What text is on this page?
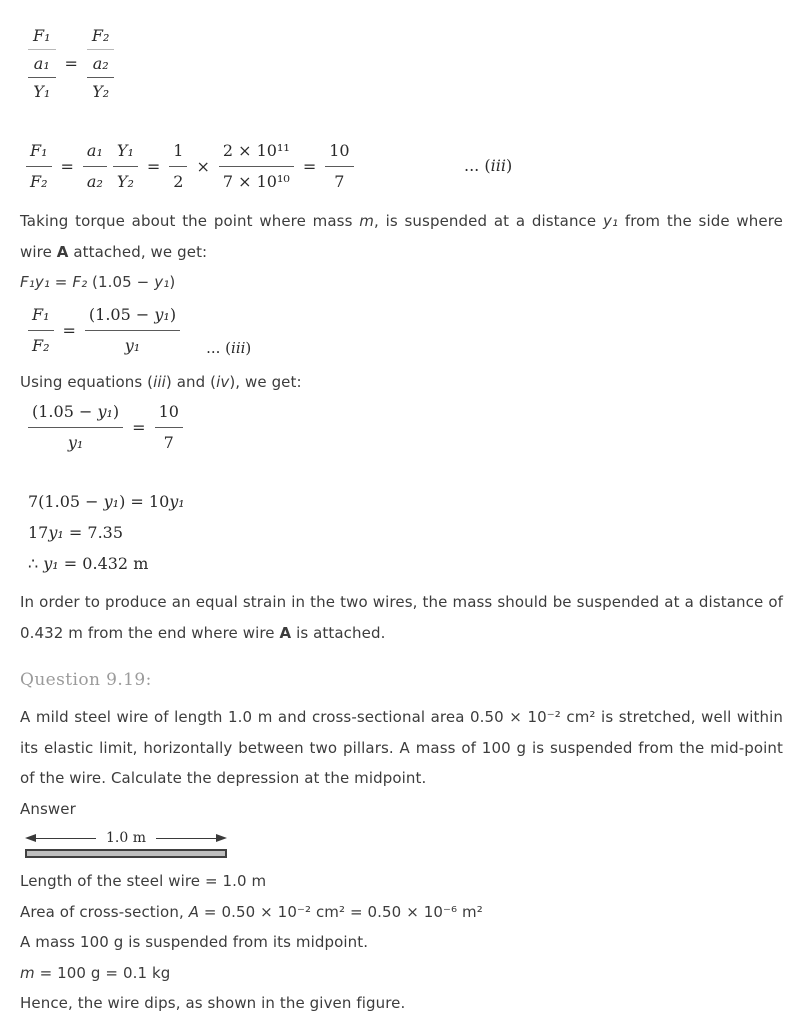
F₁
a₁
Y₁
=
F₂
a₂
Y₂
$\frac{\text{F₁}}{\text{F₂}} = \frac{\text{a₁}}{\text{a₂}} \frac{\text{Y₁}}{\text{Y₂}} = \frac{1}{2} \times \frac{\text{2 × 10¹¹}}{\text{7 × 10¹⁰}} = \frac{10}{7}$	... (iii)

Taking torque about the point where mass m, is suspended at a distance y₁ from the side where wire A attached, we get:

F₁y₁ = F₂ (1.05 − y₁)

$\frac{\text{F₁}}{\text{F₂}} = \frac{\text{(1.05 − y₁)}}{\text{y₁}}$ ... (iii)

Using equations (iii) and (iv), we get:

$\frac{\text{(1.05 − y₁)}}{\text{y₁}} = \frac{10}{7}$

7(1.05 − y₁) = 10y₁

17y₁ = 7.35

∴ y₁ = 0.432 m

In order to produce an equal strain in the two wires, the mass should be suspended at a distance of 0.432 m from the end where wire A is attached.

Question 9.19:

A mild steel wire of length 1.0 m and cross-sectional area 0.50 × 10⁻² cm² is stretched, well within its elastic limit, horizontally between two pillars. A mass of 100 g is suspended from the mid-point of the wire. Calculate the depression at the midpoint.

Answer

1.0 m

Length of the steel wire = 1.0 m

Area of cross-section, A = 0.50 × 10⁻² cm² = 0.50 × 10⁻⁶ m²

A mass 100 g is suspended from its midpoint.

m = 100 g = 0.1 kg

Hence, the wire dips, as shown in the given figure.
